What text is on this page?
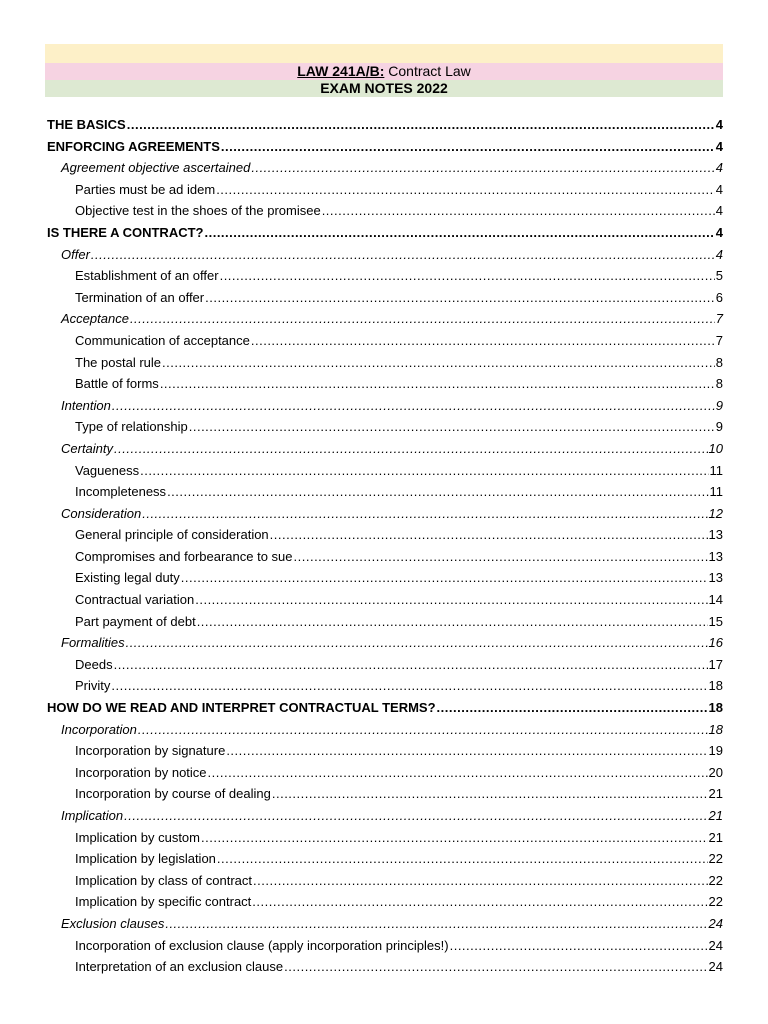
LAW 241A/B: Contract Law
EXAM NOTES 2022
THE BASICS .....	4
ENFORCING AGREEMENTS .....	4
Agreement objective ascertained .....	4
Parties must be ad idem .....	4
Objective test in the shoes of the promisee .....	4
IS THERE A CONTRACT? .....	4
Offer .....	4
Establishment of an offer .....	5
Termination of an offer .....	6
Acceptance .....	7
Communication of acceptance .....	7
The postal rule .....	8
Battle of forms .....	8
Intention .....	9
Type of relationship .....	9
Certainty .....	10
Vagueness .....	11
Incompleteness .....	11
Consideration .....	12
General principle of consideration .....	13
Compromises and forbearance to sue .....	13
Existing legal duty .....	13
Contractual variation .....	14
Part payment of debt .....	15
Formalities .....	16
Deeds .....	17
Privity .....	18
HOW DO WE READ AND INTERPRET CONTRACTUAL TERMS? .....	18
Incorporation .....	18
Incorporation by signature .....	19
Incorporation by notice .....	20
Incorporation by course of dealing .....	21
Implication .....	21
Implication by custom .....	21
Implication by legislation .....	22
Implication by class of contract .....	22
Implication by specific contract .....	22
Exclusion clauses .....	24
Incorporation of exclusion clause (apply incorporation principles!) .....	24
Interpretation of an exclusion clause .....	24
